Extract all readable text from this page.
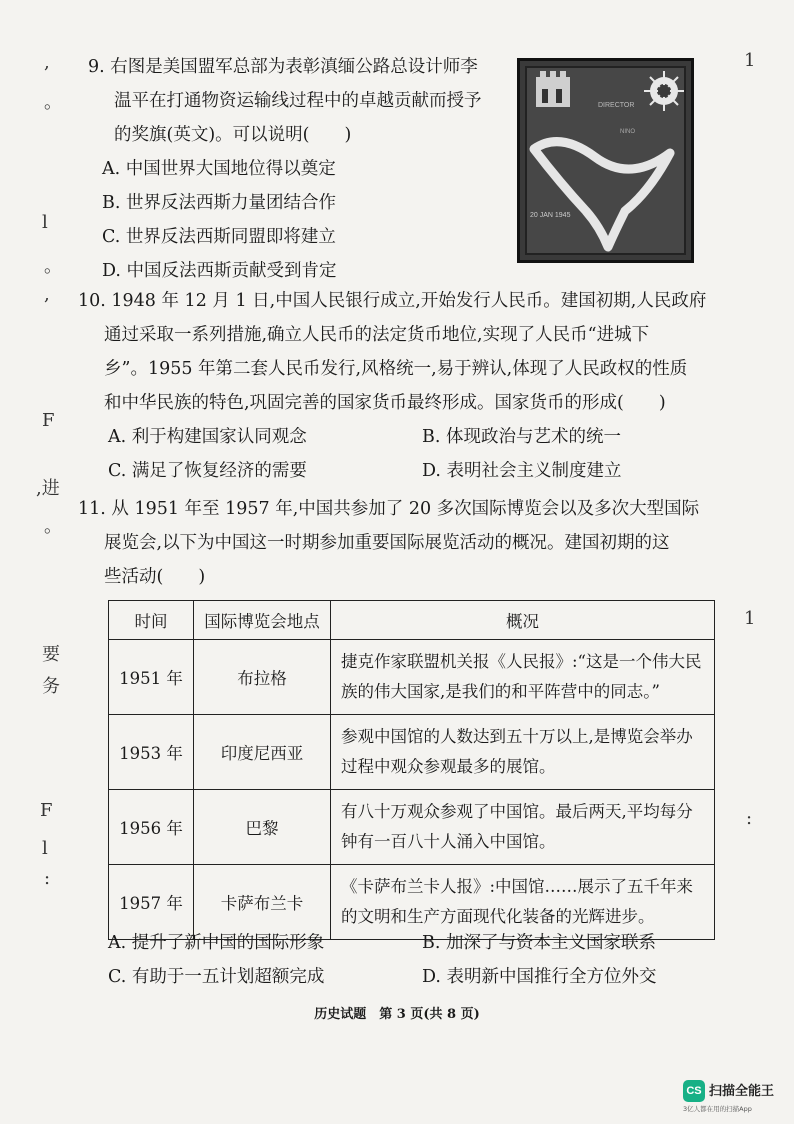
,
。
l
。
,
F
,进
。
要
务
F
l
:
1
1
:
9. 右图是美国盟军总部为表彰滇缅公路总设计师李
温平在打通物资运输线过程中的卓越贡献而授予
的奖旗(英文)。可以说明(　　)
A. 中国世界大国地位得以奠定
B. 世界反法西斯力量团结合作
C. 世界反法西斯同盟即将建立
D. 中国反法西斯贡献受到肯定
DIRECTOR
NINO
20 JAN 1945
10. 1948 年 12 月 1 日,中国人民银行成立,开始发行人民币。建国初期,人民政府
通过采取一系列措施,确立人民币的法定货币地位,实现了人民币“进城下
乡”。1955 年第二套人民币发行,风格统一,易于辨认,体现了人民政权的性质
和中华民族的特色,巩固完善的国家货币最终形成。国家货币的形成(　　)
A. 利于构建国家认同观念	B. 体现政治与艺术的统一
C. 满足了恢复经济的需要	D. 表明社会主义制度建立
11. 从 1951 年至 1957 年,中国共参加了 20 多次国际博览会以及多次大型国际
展览会,以下为中国这一时期参加重要国际展览活动的概况。建国初期的这
些活动(　　)
时间	国际博览会地点	概况
1951 年	布拉格	捷克作家联盟机关报《人民报》:“这是一个伟大民族的伟大国家,是我们的和平阵营中的同志。”
1953 年	印度尼西亚	参观中国馆的人数达到五十万以上,是博览会举办过程中观众参观最多的展馆。
1956 年	巴黎	有八十万观众参观了中国馆。最后两天,平均每分钟有一百八十人涌入中国馆。
1957 年	卡萨布兰卡	《卡萨布兰卡人报》:中国馆……展示了五千年来的文明和生产方面现代化装备的光辉进步。
A. 提升了新中国的国际形象	B. 加深了与资本主义国家联系
C. 有助于一五计划超额完成	D. 表明新中国推行全方位外交
历史试题　第 3 页(共 8 页)
CS 扫描全能王
3亿人都在用的扫描App
